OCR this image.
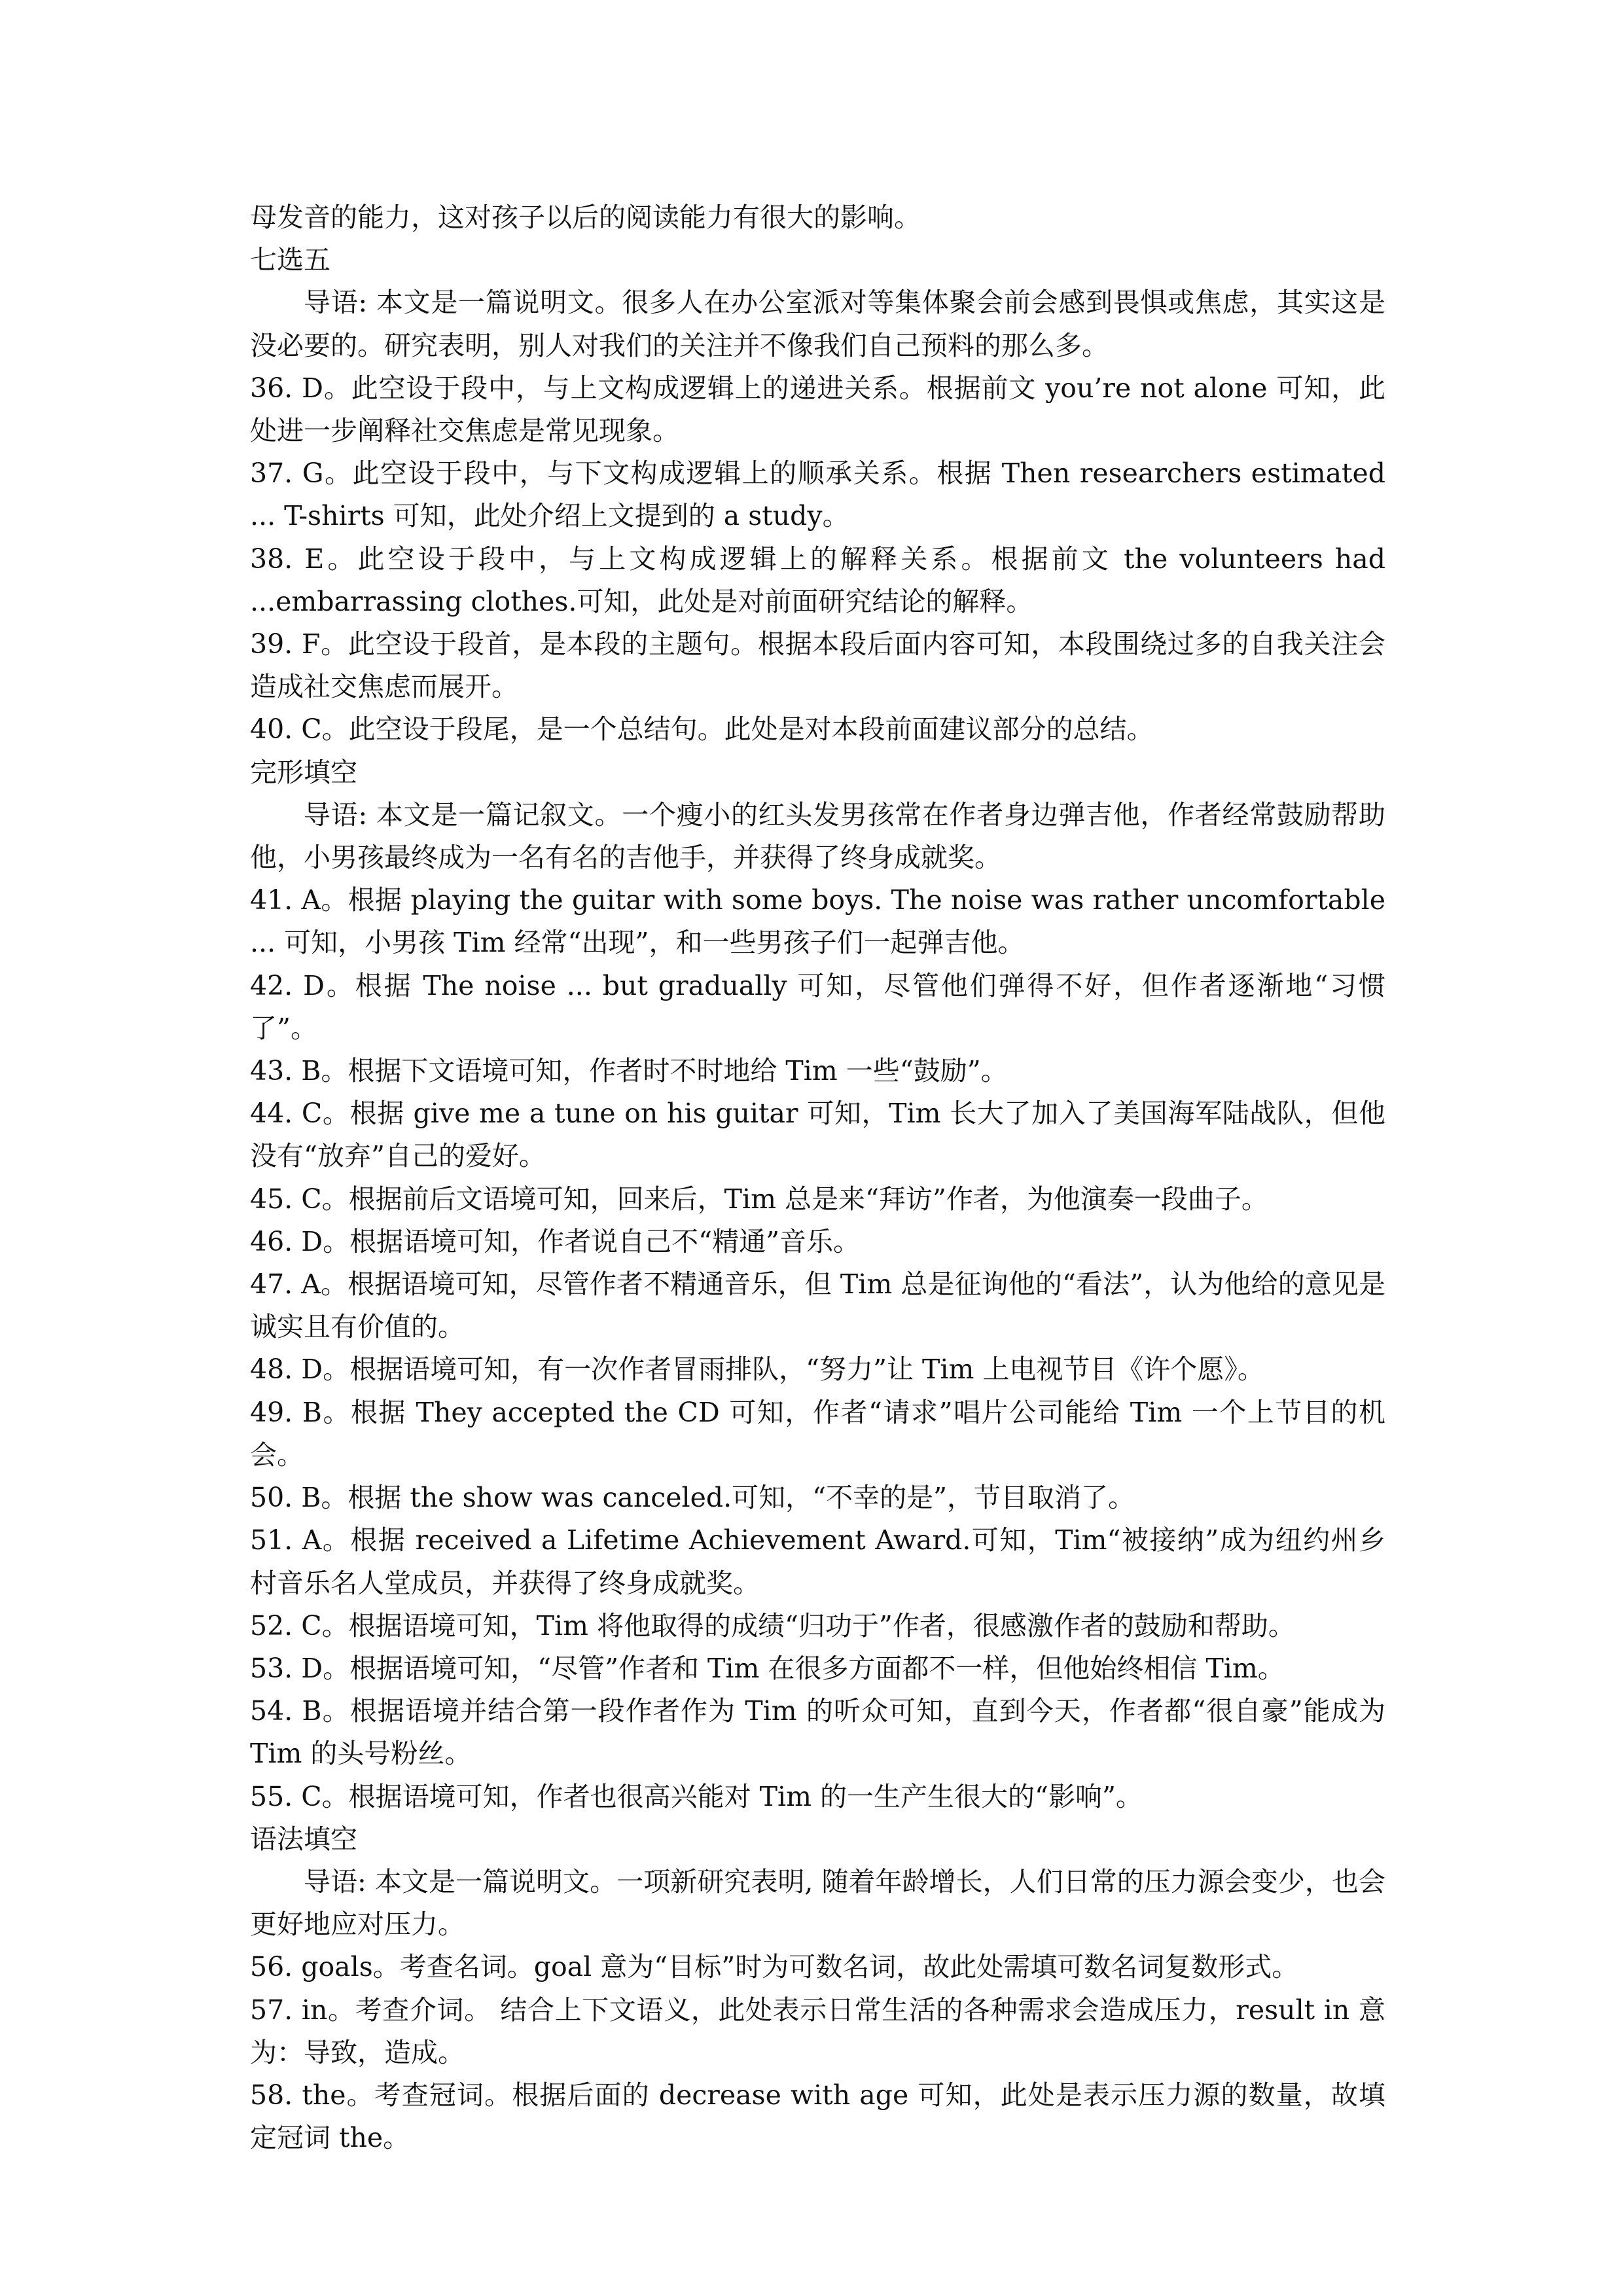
母发音的能力，这对孩子以后的阅读能力有很大的影响。

七选五

导语: 本文是一篇说明文。很多人在办公室派对等集体聚会前会感到畏惧或焦虑，其实这是没必要的。研究表明，别人对我们的关注并不像我们自己预料的那么多。

36. D。此空设于段中，与上文构成逻辑上的递进关系。根据前文 you’re not alone 可知，此处进一步阐释社交焦虑是常见现象。

37. G。此空设于段中，与下文构成逻辑上的顺承关系。根据 Then researchers estimated ... T-shirts 可知，此处介绍上文提到的 a study。

38. E。此空设于段中，与上文构成逻辑上的解释关系。根据前文 the volunteers had ...embarrassing clothes.可知，此处是对前面研究结论的解释。

39. F。此空设于段首，是本段的主题句。根据本段后面内容可知，本段围绕过多的自我关注会造成社交焦虑而展开。

40. C。此空设于段尾，是一个总结句。此处是对本段前面建议部分的总结。

完形填空

导语: 本文是一篇记叙文。一个瘦小的红头发男孩常在作者身边弹吉他，作者经常鼓励帮助他，小男孩最终成为一名有名的吉他手，并获得了终身成就奖。

41. A。根据 playing the guitar with some boys. The noise was rather uncomfortable ... 可知，小男孩 Tim 经常“出现”，和一些男孩子们一起弹吉他。

42. D。根据 The noise ... but gradually 可知，尽管他们弹得不好，但作者逐渐地“习惯了”。

43. B。根据下文语境可知，作者时不时地给 Tim 一些“鼓励”。

44. C。根据 give me a tune on his guitar 可知，Tim 长大了加入了美国海军陆战队，但他没有“放弃”自己的爱好。

45. C。根据前后文语境可知，回来后，Tim 总是来“拜访”作者，为他演奏一段曲子。

46. D。根据语境可知，作者说自己不“精通”音乐。

47. A。根据语境可知，尽管作者不精通音乐，但 Tim 总是征询他的“看法”，认为他给的意见是诚实且有价值的。

48. D。根据语境可知，有一次作者冒雨排队，“努力”让 Tim 上电视节目《许个愿》。

49. B。根据 They accepted the CD 可知，作者“请求”唱片公司能给 Tim 一个上节目的机会。

50. B。根据 the show was canceled.可知，“不幸的是”，节目取消了。

51. A。根据 received a Lifetime Achievement Award.可知，Tim“被接纳”成为纽约州乡村音乐名人堂成员，并获得了终身成就奖。

52. C。根据语境可知，Tim 将他取得的成绩“归功于”作者，很感激作者的鼓励和帮助。

53. D。根据语境可知，“尽管”作者和 Tim 在很多方面都不一样，但他始终相信 Tim。

54. B。根据语境并结合第一段作者作为 Tim 的听众可知，直到今天，作者都“很自豪”能成为 Tim 的头号粉丝。

55. C。根据语境可知，作者也很高兴能对 Tim 的一生产生很大的“影响”。

语法填空

导语: 本文是一篇说明文。一项新研究表明, 随着年龄增长，人们日常的压力源会变少，也会更好地应对压力。

56. goals。考查名词。goal 意为“目标”时为可数名词，故此处需填可数名词复数形式。

57. in。考查介词。 结合上下文语义，此处表示日常生活的各种需求会造成压力，result in 意为：导致，造成。

58. the。考查冠词。根据后面的 decrease with age 可知，此处是表示压力源的数量，故填定冠词 the。
